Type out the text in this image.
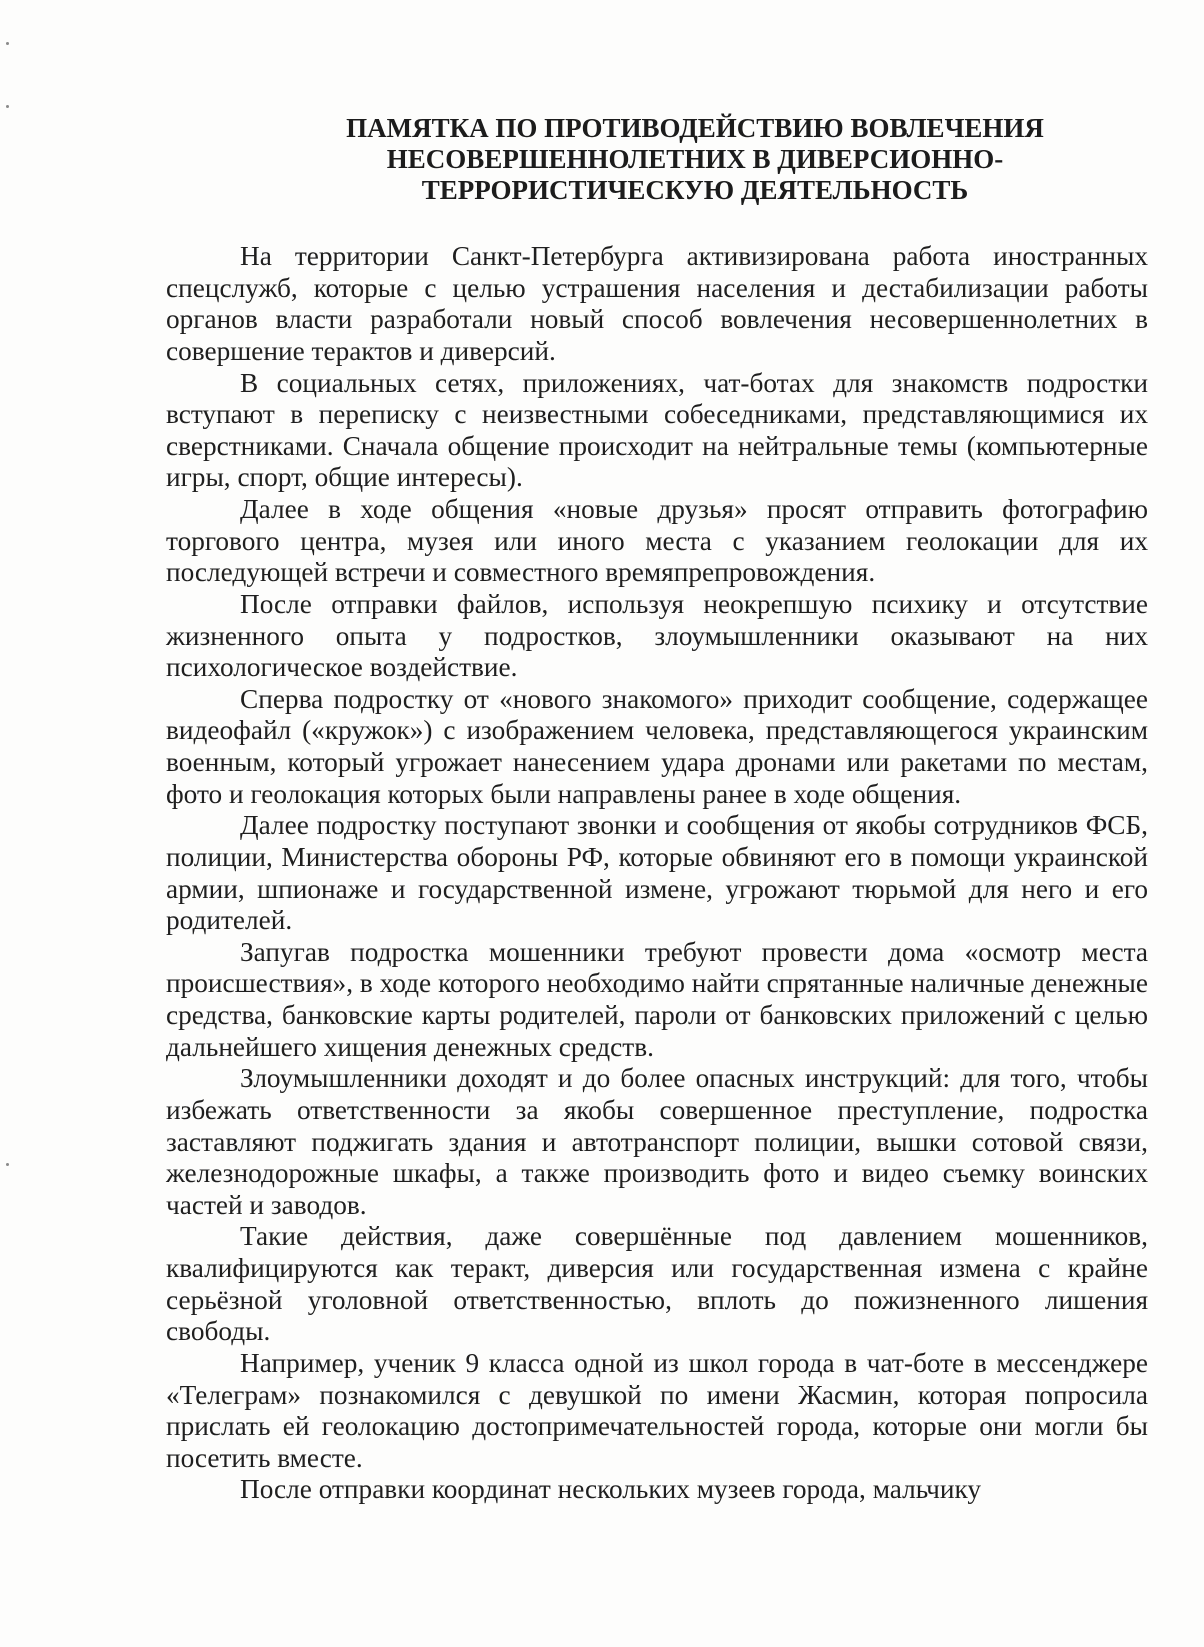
ПАМЯТКА ПО ПРОТИВОДЕЙСТВИЮ ВОВЛЕЧЕНИЯ
НЕСОВЕРШЕННОЛЕТНИХ В ДИВЕРСИОННО-
ТЕРРОРИСТИЧЕСКУЮ ДЕЯТЕЛЬНОСТЬ

На территории Санкт-Петербурга активизирована работа иностранных спецслужб, которые с целью устрашения населения и дестабилизации работы органов власти разработали новый способ вовлечения несовершеннолетних в совершение терактов и диверсий.

В социальных сетях, приложениях, чат-ботах для знакомств подростки вступают в переписку с неизвестными собеседниками, представляющимися их сверстниками. Сначала общение происходит на нейтральные темы (компьютерные игры, спорт, общие интересы).

Далее в ходе общения «новые друзья» просят отправить фотографию торгового центра, музея или иного места с указанием геолокации для их последующей встречи и совместного времяпрепровождения.

После отправки файлов, используя неокрепшую психику и отсутствие жизненного опыта у подростков, злоумышленники оказывают на них психологическое воздействие.

Сперва подростку от «нового знакомого» приходит сообщение, содержащее видеофайл («кружок») с изображением человека, представляющегося украинским военным, который угрожает нанесением удара дронами или ракетами по местам, фото и геолокация которых были направлены ранее в ходе общения.

Далее подростку поступают звонки и сообщения от якобы сотрудников ФСБ, полиции, Министерства обороны РФ, которые обвиняют его в помощи украинской армии, шпионаже и государственной измене, угрожают тюрьмой для него и его родителей.

Запугав подростка мошенники требуют провести дома «осмотр места происшествия», в ходе которого необходимо найти спрятанные наличные денежные средства, банковские карты родителей, пароли от банковских приложений с целью дальнейшего хищения денежных средств.

Злоумышленники доходят и до более опасных инструкций: для того, чтобы избежать ответственности за якобы совершенное преступление, подростка заставляют поджигать здания и автотранспорт полиции, вышки сотовой связи, железнодорожные шкафы, а также производить фото и видео съемку воинских частей и заводов.

Такие действия, даже совершённые под давлением мошенников, квалифицируются как теракт, диверсия или государственная измена с крайне серьёзной уголовной ответственностью, вплоть до пожизненного лишения свободы.

Например, ученик 9 класса одной из школ города в чат-боте в мессенджере «Телеграм» познакомился с девушкой по имени Жасмин, которая попросила прислать ей геолокацию достопримечательностей города, которые они могли бы посетить вместе.

После отправки координат нескольких музеев города, мальчику
